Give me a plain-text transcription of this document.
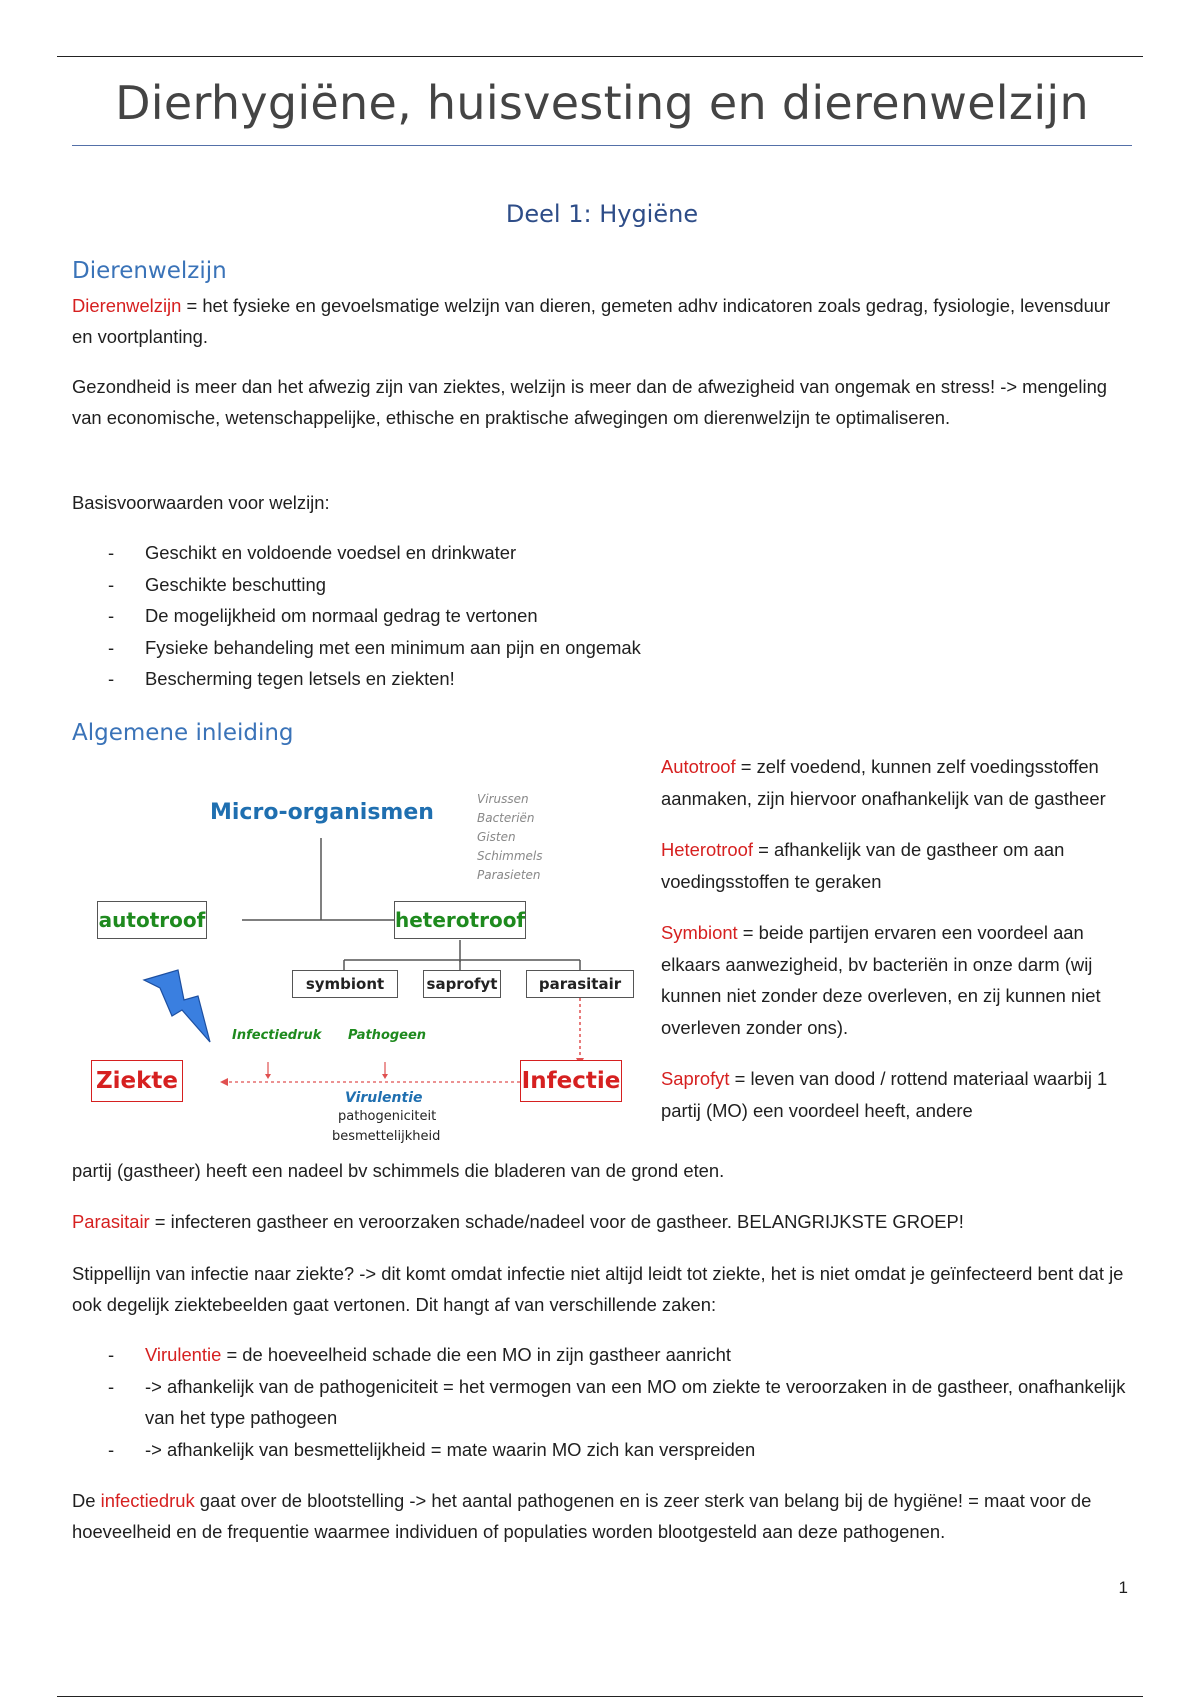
Dierhygiëne, huisvesting en dierenwelzijn
Deel 1: Hygiëne
Dierenwelzijn

Dierenwelzijn = het fysieke en gevoelsmatige welzijn van dieren, gemeten adhv indicatoren zoals gedrag, fysiologie, levensduur en voortplanting.

Gezondheid is meer dan het afwezig zijn van ziektes, welzijn is meer dan de afwezigheid van ongemak en stress! -> mengeling van economische, wetenschappelijke, ethische en praktische afwegingen om dierenwelzijn te optimaliseren.

Basisvoorwaarden voor welzijn:

- Geschikt en voldoende voedsel en drinkwater
- Geschikte beschutting
- De mogelijkheid om normaal gedrag te vertonen
- Fysieke behandeling met een minimum aan pijn en ongemak
- Bescherming tegen letsels en ziekten!
Algemene inleiding
Micro-organismen
Virussen
Bacteriën
Gisten
Schimmels
Parasieten
autotroof	heterotroof
symbiont	saprofyt	parasitair
Infectiedruk Pathogeen
Ziekte	Infectie
Virulentie
pathogeniciteit
besmettelijkheid

Autotroof = zelf voedend, kunnen zelf voedingsstoffen aanmaken, zijn hiervoor onafhankelijk van de gastheer

Heterotroof = afhankelijk van de gastheer om aan voedingsstoffen te geraken

Symbiont = beide partijen ervaren een voordeel aan elkaars aanwezigheid, bv bacteriën in onze darm (wij kunnen niet zonder deze overleven, en zij kunnen niet overleven zonder ons).

Saprofyt = leven van dood / rottend materiaal waarbij 1 partij (MO) een voordeel heeft, andere

partij (gastheer) heeft een nadeel bv schimmels die bladeren van de grond eten.

Parasitair = infecteren gastheer en veroorzaken schade/nadeel voor de gastheer. BELANGRIJKSTE GROEP!

Stippellijn van infectie naar ziekte? -> dit komt omdat infectie niet altijd leidt tot ziekte, het is niet omdat je geïnfecteerd bent dat je ook degelijk ziektebeelden gaat vertonen. Dit hangt af van verschillende zaken:

- Virulentie = de hoeveelheid schade die een MO in zijn gastheer aanricht
- -> afhankelijk van de pathogeniciteit = het vermogen van een MO om ziekte te veroorzaken in de gastheer, onafhankelijk van het type pathogeen
- -> afhankelijk van besmettelijkheid = mate waarin MO zich kan verspreiden

De infectiedruk gaat over de blootstelling -> het aantal pathogenen en is zeer sterk van belang bij de hygiëne! = maat voor de hoeveelheid en de frequentie waarmee individuen of populaties worden blootgesteld aan deze pathogenen.

1
